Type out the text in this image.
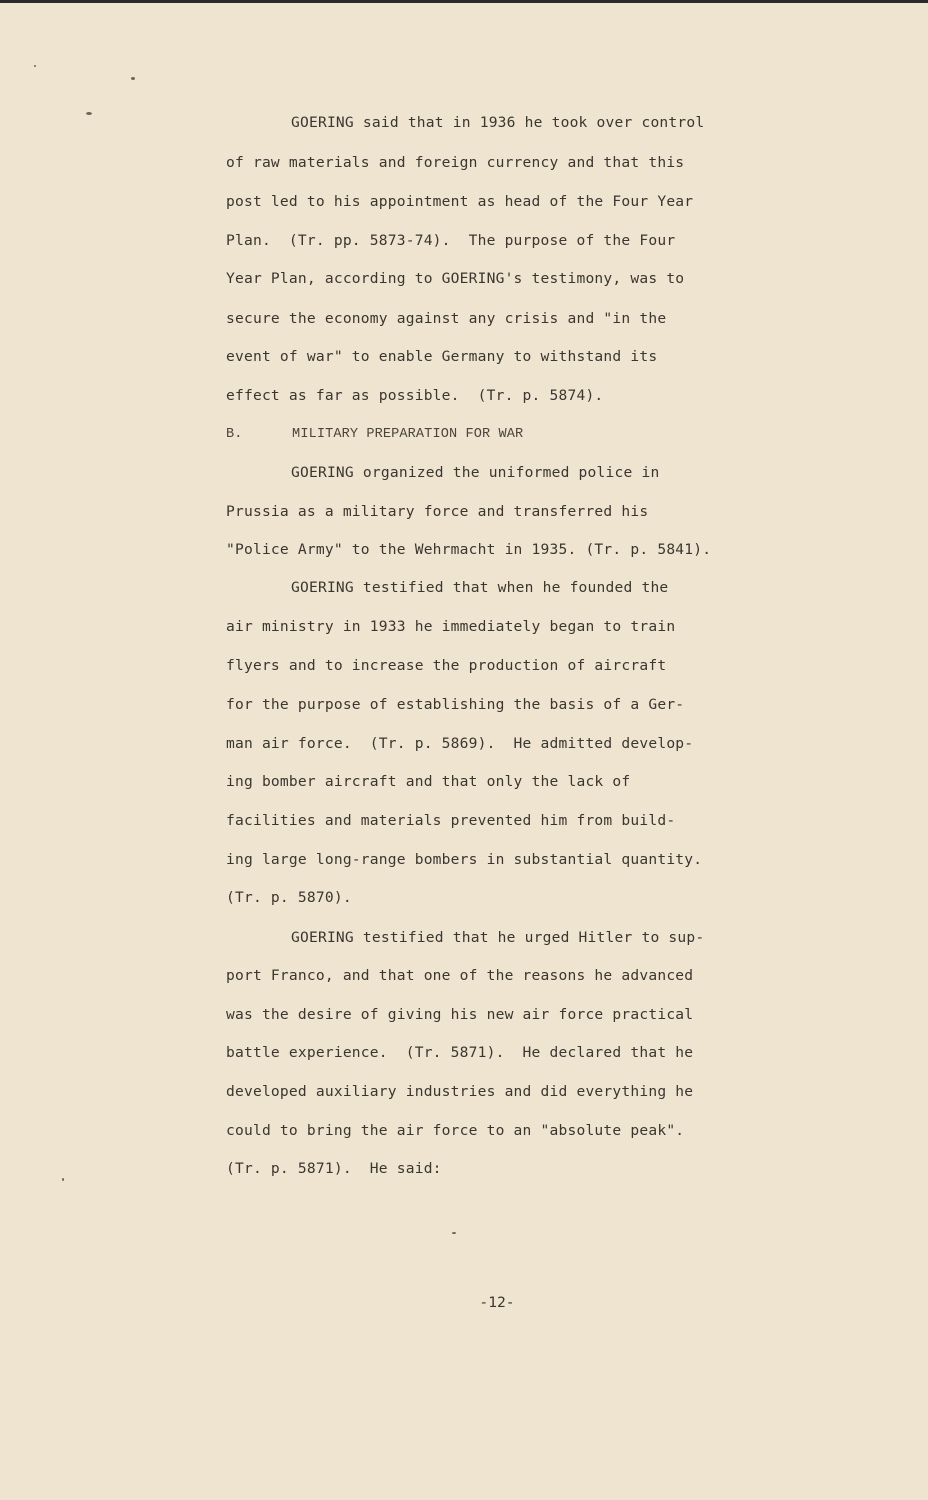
GOERING said that in 1936 he took over control
of raw materials and foreign currency and that this
post led to his appointment as head of the Four Year
Plan.  (Tr. pp. 5873-74).  The purpose of the Four
Year Plan, according to GOERING's testimony, was to
secure the economy against any crisis and "in the
event of war" to enable Germany to withstand its
effect as far as possible.  (Tr. p. 5874).
B.      MILITARY PREPARATION FOR WAR
GOERING organized the uniformed police in
Prussia as a military force and transferred his
"Police Army" to the Wehrmacht in 1935. (Tr. p. 5841).
GOERING testified that when he founded the
air ministry in 1933 he immediately began to train
flyers and to increase the production of aircraft
for the purpose of establishing the basis of a Ger-
man air force.  (Tr. p. 5869).  He admitted develop-
ing bomber aircraft and that only the lack of
facilities and materials prevented him from build-
ing large long-range bombers in substantial quantity.
(Tr. p. 5870).
GOERING testified that he urged Hitler to sup-
port Franco, and that one of the reasons he advanced
was the desire of giving his new air force practical
battle experience.  (Tr. 5871).  He declared that he
developed auxiliary industries and did everything he
could to bring the air force to an "absolute peak".
(Tr. p. 5871).  He said:
-12-
